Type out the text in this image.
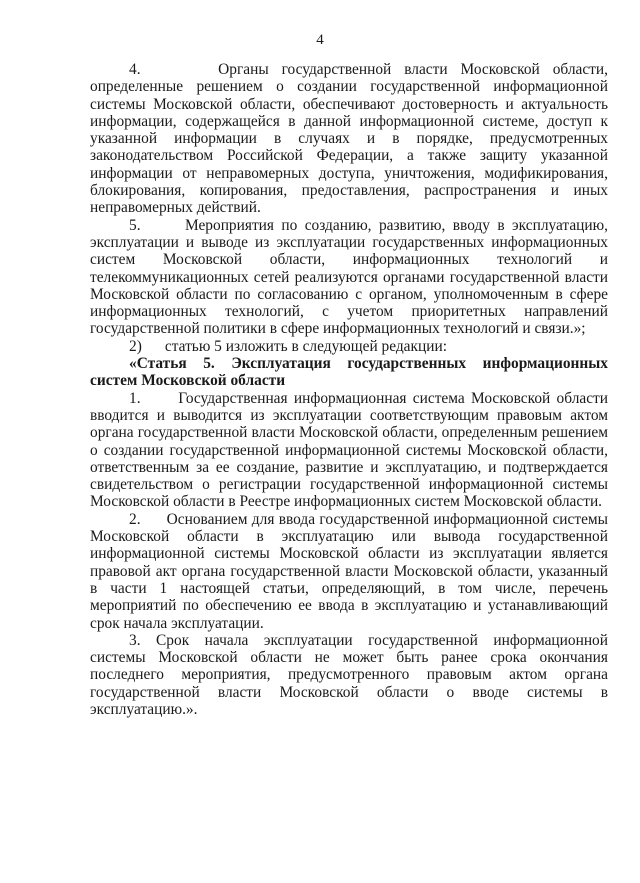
4

4.      Органы государственной власти Московской области, определенные решением о создании государственной информационной системы Московской области, обеспечивают достоверность и актуальность информации, содержащейся в данной информационной системе, доступ к указанной информации в случаях и в порядке, предусмотренных законодательством Российской Федерации, а также защиту указанной информации от неправомерных доступа, уничтожения, модификирования, блокирования, копирования, предоставления, распространения и иных неправомерных действий.

5.      Мероприятия по созданию, развитию, вводу в эксплуатацию, эксплуатации и выводе из эксплуатации государственных информационных систем Московской области, информационных технологий и телекоммуникационных сетей реализуются органами государственной власти Московской области по согласованию с органом, уполномоченным в сфере информационных технологий, с учетом приоритетных направлений государственной политики в сфере информационных технологий и связи.»;

2)      статью 5 изложить в следующей редакции:

«Статья 5. Эксплуатация государственных информационных систем Московской области

1.      Государственная информационная система Московской области вводится и выводится из эксплуатации соответствующим правовым актом органа государственной власти Московской области, определенным решением о создании государственной информационной системы Московской области, ответственным за ее создание, развитие и эксплуатацию, и подтверждается свидетельством о регистрации государственной информационной системы Московской области в Реестре информационных систем Московской области.

2.      Основанием для ввода государственной информационной системы Московской области в эксплуатацию или вывода государственной информационной системы Московской области из эксплуатации является правовой акт органа государственной власти Московской области, указанный в части 1 настоящей статьи, определяющий, в том числе, перечень мероприятий по обеспечению ее ввода в эксплуатацию и устанавливающий срок начала эксплуатации.

3. Срок начала эксплуатации государственной информационной системы Московской области не может быть ранее срока окончания последнего мероприятия, предусмотренного правовым актом органа государственной власти Московской области о вводе системы в эксплуатацию.».
